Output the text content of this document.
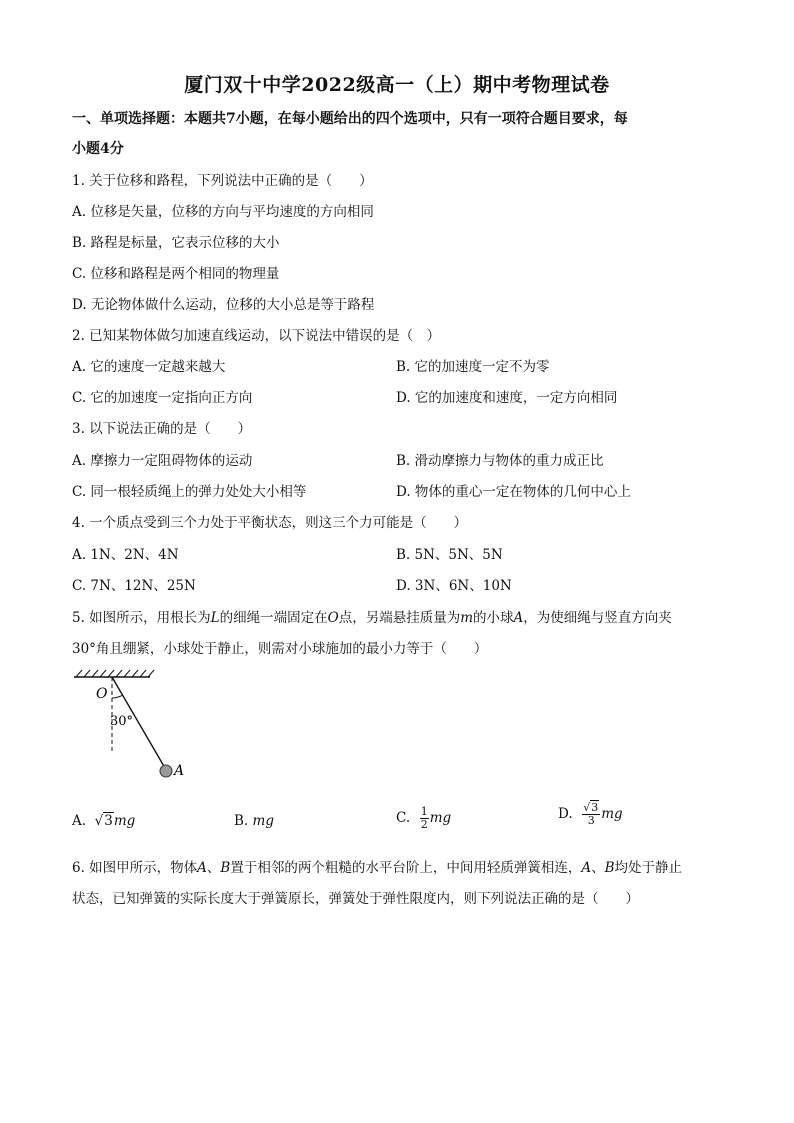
厦门双十中学2022级高一（上）期中考物理试卷
一、单项选择题：本题共7小题，在每小题给出的四个选项中，只有一项符合题目要求，每
小题4分
1. 关于位移和路程，下列说法中正确的是（　　）
A. 位移是矢量，位移的方向与平均速度的方向相同
B. 路程是标量，它表示位移的大小
C. 位移和路程是两个相同的物理量
D. 无论物体做什么运动，位移的大小总是等于路程
2. 已知某物体做匀加速直线运动，以下说法中错误的是（　）
A. 它的速度一定越来越大	B. 它的加速度一定不为零
C. 它的加速度一定指向正方向	D. 它的加速度和速度，一定方向相同
3. 以下说法正确的是（　　）
A. 摩擦力一定阻碍物体的运动	B. 滑动摩擦力与物体的重力成正比
C. 同一根轻质绳上的弹力处处大小相等	D. 物体的重心一定在物体的几何中心上
4. 一个质点受到三个力处于平衡状态，则这三个力可能是（　　）
A. 1N、2N、4N	B. 5N、5N、5N
C. 7N、12N、25N	D. 3N、6N、10N
5. 如图所示，用根长为L的细绳一端固定在O点，另端悬挂质量为m的小球A，为使细绳与竖直方向夹
30°角且绷紧，小球处于静止，则需对小球施加的最小力等于（　　）
O
30°
A
A. √3mg	B. mg	C. $\frac{1}{2}$ mg	D. $\frac{√3}{3}$ mg
6. 如图甲所示，物体A、B置于相邻的两个粗糙的水平台阶上，中间用轻质弹簧相连，A、B均处于静止
状态，已知弹簧的实际长度大于弹簧原长，弹簧处于弹性限度内，则下列说法正确的是（　　）
